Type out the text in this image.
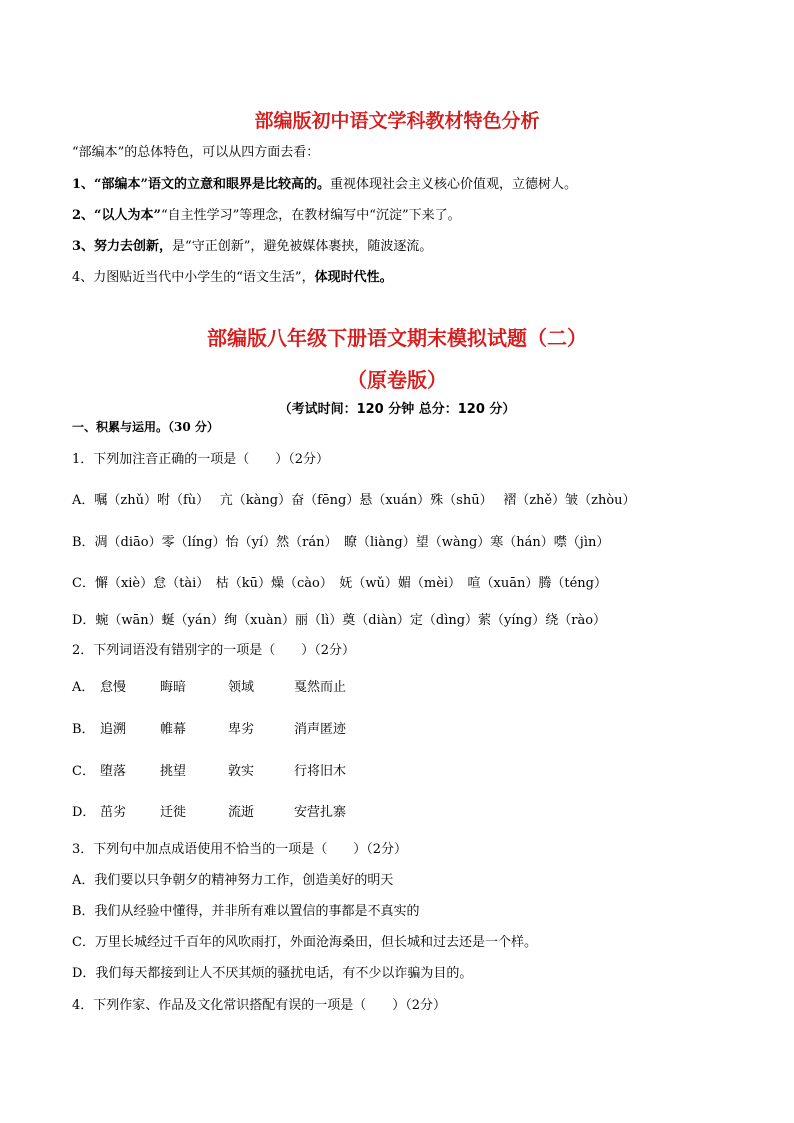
部编版初中语文学科教材特色分析
“部编本”的总体特色，可以从四方面去看：
1、“部编本”语文的立意和眼界是比较高的。重视体现社会主义核心价值观，立德树人。
2、“以人为本”“自主性学习”等理念，在教材编写中“沉淀”下来了。
3、努力去创新，是“守正创新”，避免被媒体裹挟，随波逐流。
4、力图贴近当代中小学生的“语文生活”，体现时代性。
部编版八年级下册语文期末模拟试题（二）
（原卷版）
（考试时间：120 分钟 总分：120 分）
一、积累与运用。（30 分）
1．下列加注音正确的一项是（　　）（2分）
A．嘱（zhǔ）咐（fù）　 亢（kàng）奋（fēng）悬（xuán）殊（shū）　 褶（zhě）皱（zhòu）
B．凋（diāo）零（líng）怡（yí）然（rán）　瞭（liàng）望（wàng）寒（hán）噤（jìn）
C．懈（xiè）怠（tài）　枯（kū）燥（cào）　妩（wǔ）媚（mèi）　喧（xuān）腾（téng）
D．蜿（wān）蜒（yán）绚（xuàn）丽（lì）奠（diàn）定（dìng）萦（yíng）绕（rào）
2．下列词语没有错别字的一项是（　　）（2分）
A． 怠慢	晦暗	领域	戛然而止
B． 追溯	帷幕	卑劣	消声匿迹
C． 堕落	挑望	敦实	行将旧木
D． 茁劣	迁徙	流逝	安营扎寨
3．下列句中加点成语使用不恰当的一项是（　　）（2分）
A．我们要以只争朝夕的精神努力工作，创造美好的明天
B．我们从经验中懂得，并非所有难以置信的事都是不真实的
C．万里长城经过千百年的风吹雨打，外面沧海桑田，但长城和过去还是一个样。
D．我们每天都接到让人不厌其烦的骚扰电话，有不少以诈骗为目的。
4．下列作家、作品及文化常识搭配有误的一项是（　　）（2分）
